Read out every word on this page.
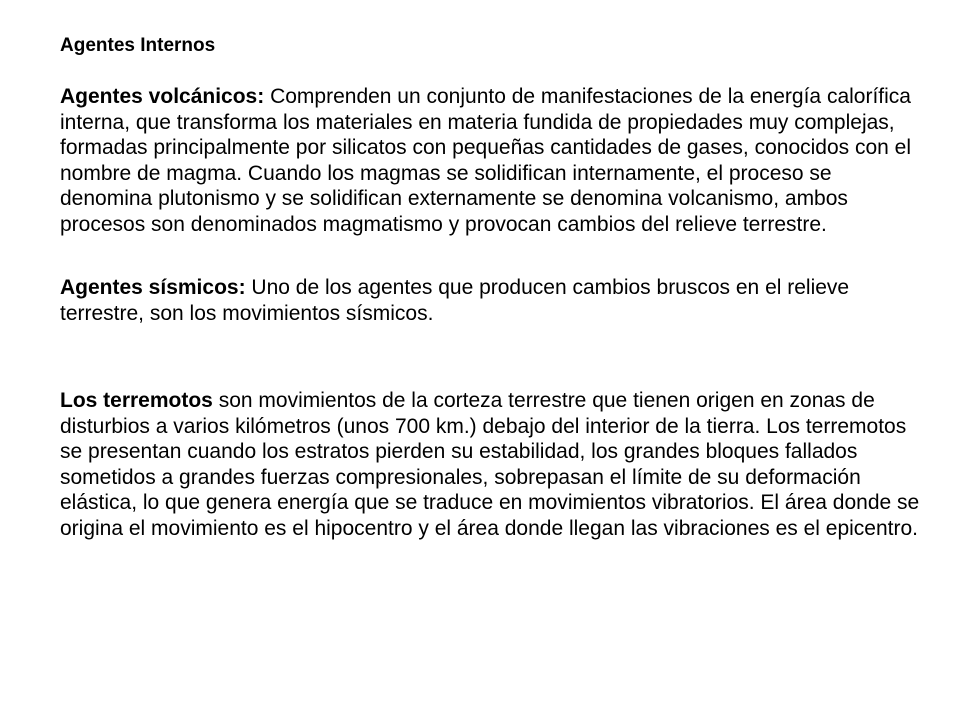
Agentes Internos

Agentes volcánicos: Comprenden un conjunto de manifestaciones de la energía calorífica interna, que transforma los materiales en materia fundida de propiedades muy complejas, formadas principalmente por silicatos con pequeñas cantidades de gases, conocidos con el nombre de magma. Cuando los magmas se solidifican internamente, el proceso se denomina plutonismo y se solidifican externamente se denomina volcanismo, ambos procesos son denominados magmatismo y provocan cambios del relieve terrestre.

Agentes sísmicos: Uno de los agentes que producen cambios bruscos en el relieve terrestre, son los movimientos sísmicos.

Los terremotos son movimientos de la corteza terrestre que tienen origen en zonas de disturbios a varios kilómetros (unos 700 km.) debajo del interior de la tierra. Los terremotos se presentan cuando los estratos pierden su estabilidad, los grandes bloques fallados sometidos a grandes fuerzas compresionales, sobrepasan el límite de su deformación elástica, lo que genera energía que se traduce en movimientos vibratorios. El área donde se origina el movimiento es el hipocentro y el área donde llegan las vibraciones es el epicentro.
